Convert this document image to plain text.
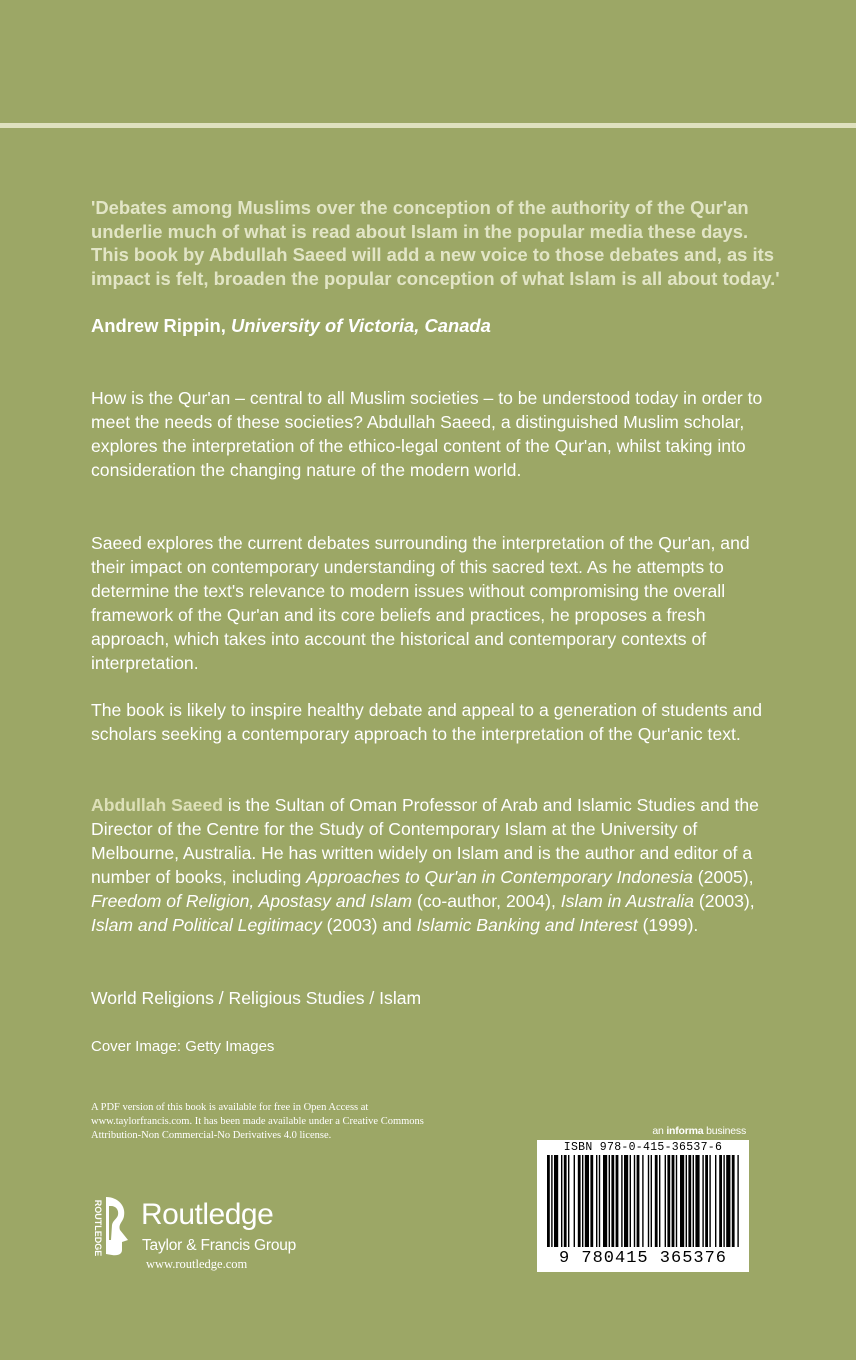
'Debates among Muslims over the conception of the authority of the Qur'an underlie much of what is read about Islam in the popular media these days. This book by Abdullah Saeed will add a new voice to those debates and, as its impact is felt, broaden the popular conception of what Islam is all about today.'

Andrew Rippin, University of Victoria, Canada

How is the Qur'an – central to all Muslim societies – to be understood today in order to meet the needs of these societies? Abdullah Saeed, a distinguished Muslim scholar, explores the interpretation of the ethico-legal content of the Qur'an, whilst taking into consideration the changing nature of the modern world.

Saeed explores the current debates surrounding the interpretation of the Qur'an, and their impact on contemporary understanding of this sacred text. As he attempts to determine the text's relevance to modern issues without compromising the overall framework of the Qur'an and its core beliefs and practices, he proposes a fresh approach, which takes into account the historical and contemporary contexts of interpretation.

The book is likely to inspire healthy debate and appeal to a generation of students and scholars seeking a contemporary approach to the interpretation of the Qur'anic text.

Abdullah Saeed is the Sultan of Oman Professor of Arab and Islamic Studies and the Director of the Centre for the Study of Contemporary Islam at the University of Melbourne, Australia. He has written widely on Islam and is the author and editor of a number of books, including Approaches to Qur'an in Contemporary Indonesia (2005), Freedom of Religion, Apostasy and Islam (co-author, 2004), Islam in Australia (2003), Islam and Political Legitimacy (2003) and Islamic Banking and Interest (1999).

World Religions / Religious Studies / Islam

Cover Image: Getty Images

A PDF version of this book is available for free in Open Access at www.taylorfrancis.com. It has been made available under a Creative Commons Attribution-Non Commercial-No Derivatives 4.0 license.	an informa business
ISBN 978-0-415-36537-6
9 780415 365376
ROUTLEDGE Routledge
Taylor & Francis Group
www.routledge.com
